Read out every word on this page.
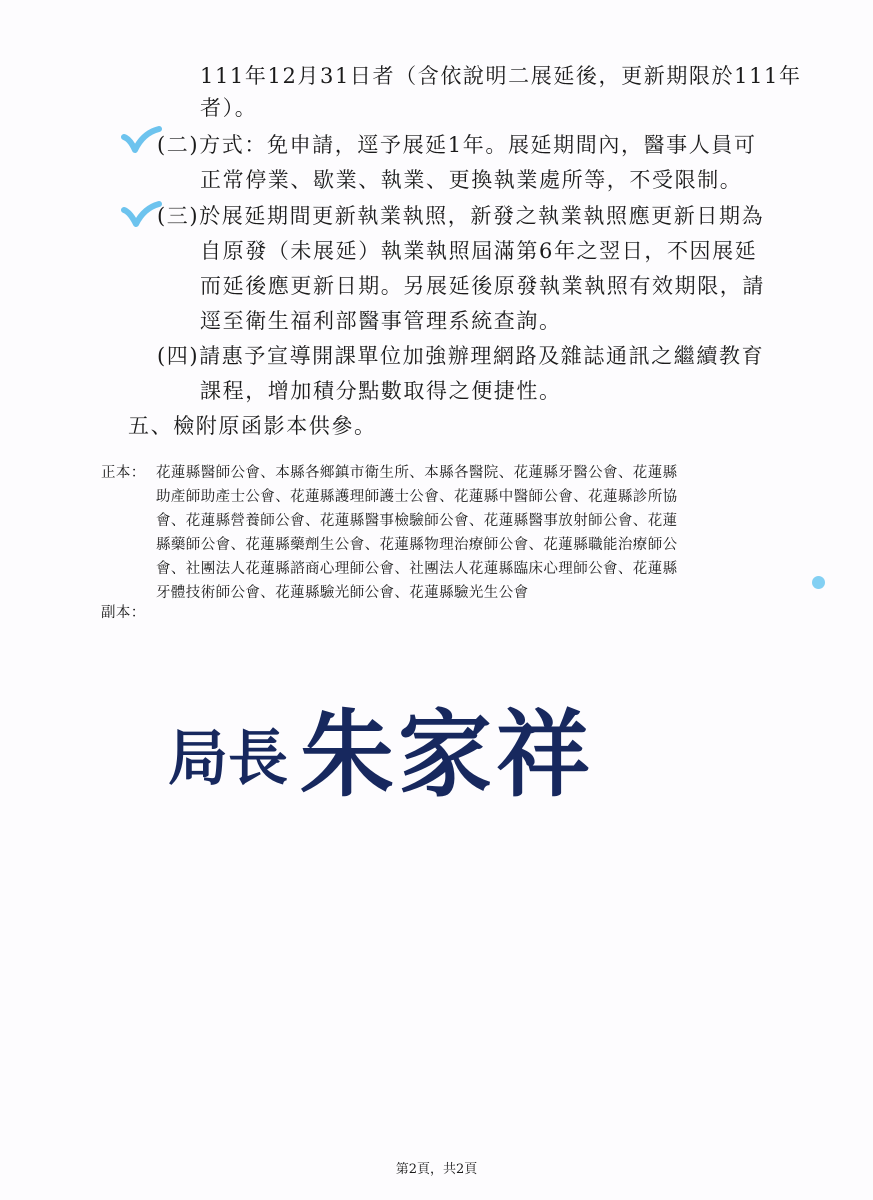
111年12月31日者（含依說明二展延後，更新期限於111年
者）。
(二)方式：免申請，逕予展延1年。展延期間內，醫事人員可
正常停業、歇業、執業、更換執業處所等，不受限制。
(三)於展延期間更新執業執照，新發之執業執照應更新日期為
自原發（未展延）執業執照屆滿第6年之翌日，不因展延
而延後應更新日期。另展延後原發執業執照有效期限，請
逕至衛生福利部醫事管理系統查詢。
(四)請惠予宣導開課單位加強辦理網路及雜誌通訊之繼續教育
課程，增加積分點數取得之便捷性。
五、檢附原函影本供參。
正本： 花蓮縣醫師公會、本縣各鄉鎮市衛生所、本縣各醫院、花蓮縣牙醫公會、花蓮縣
助產師助產士公會、花蓮縣護理師護士公會、花蓮縣中醫師公會、花蓮縣診所協
會、花蓮縣營養師公會、花蓮縣醫事檢驗師公會、花蓮縣醫事放射師公會、花蓮
縣藥師公會、花蓮縣藥劑生公會、花蓮縣物理治療師公會、花蓮縣職能治療師公
會、社團法人花蓮縣諮商心理師公會、社團法人花蓮縣臨床心理師公會、花蓮縣
牙體技術師公會、花蓮縣驗光師公會、花蓮縣驗光生公會
副本：
局長 朱家祥
第2頁，共2頁
